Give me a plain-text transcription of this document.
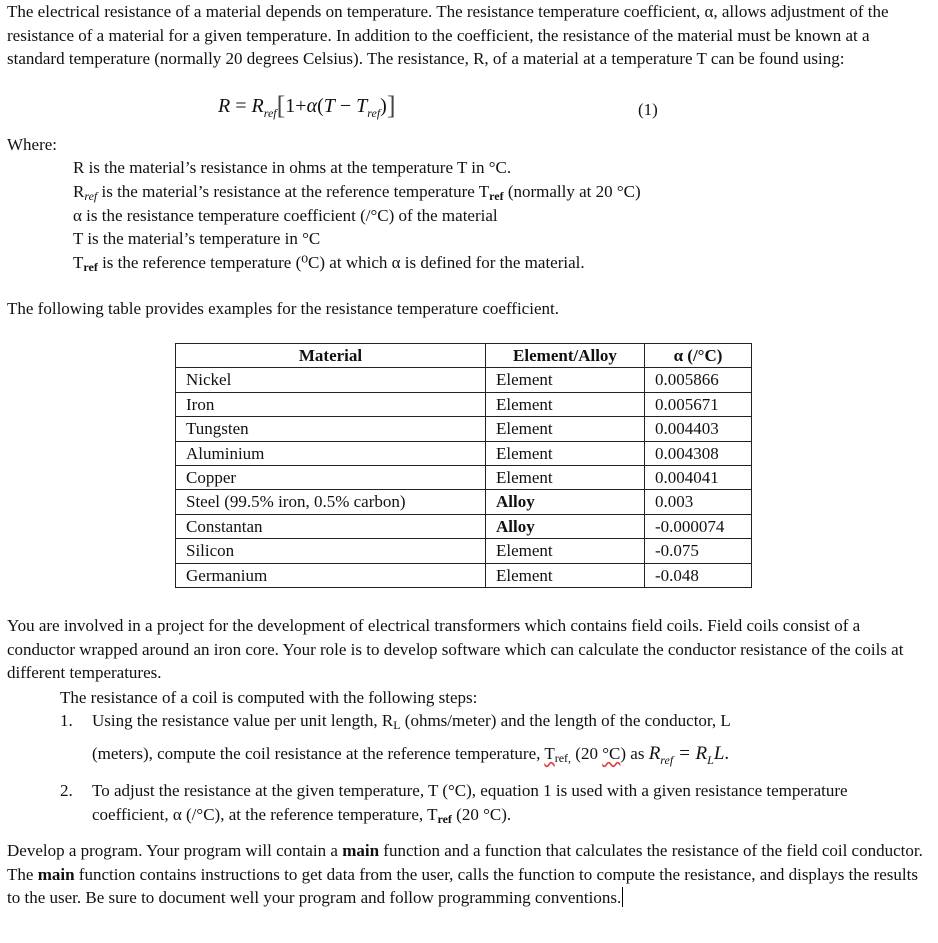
The electrical resistance of a material depends on temperature. The resistance temperature coefficient, α, allows adjustment of the resistance of a material for a given temperature. In addition to the coefficient, the resistance of the material must be known at a standard temperature (normally 20 degrees Celsius). The resistance, R, of a material at a temperature T can be found using:

$R = R_{ref}[1+\alpha(T - T_{ref})]$	(1)
Where:
R is the material’s resistance in ohms at the temperature T in °C.
Rref is the material’s resistance at the reference temperature Tref (normally at 20 °C)
α is the resistance temperature coefficient (/°C) of the material
T is the material’s temperature in °C
Tref is the reference temperature (⁰C) at which α is defined for the material.

The following table provides examples for the resistance temperature coefficient.

Material	Element/Alloy	α (/°C)
Nickel	Element	0.005866
Iron	Element	0.005671
Tungsten	Element	0.004403
Aluminium	Element	0.004308
Copper	Element	0.004041
Steel (99.5% iron, 0.5% carbon)	Alloy	0.003
Constantan	Alloy	-0.000074
Silicon	Element	-0.075
Germanium	Element	-0.048

You are involved in a project for the development of electrical transformers which contains field coils. Field coils consist of a conductor wrapped around an iron core. Your role is to develop software which can calculate the conductor resistance of the coils at different temperatures.

The resistance of a coil is computed with the following steps:
1. Using the resistance value per unit length, RL (ohms/meter) and the length of the conductor, L

(meters), compute the coil resistance at the reference temperature, Tref, (20 °C) as $R_{ref} = R_LL$.
2. To adjust the resistance at the given temperature, T (°C), equation 1 is used with a given resistance temperature coefficient, α (/°C), at the reference temperature, Tref (20 °C).

Develop a program. Your program will contain a main function and a function that calculates the resistance of the field coil conductor. The main function contains instructions to get data from the user, calls the function to compute the resistance, and displays the results to the user. Be sure to document well your program and follow programming conventions.
